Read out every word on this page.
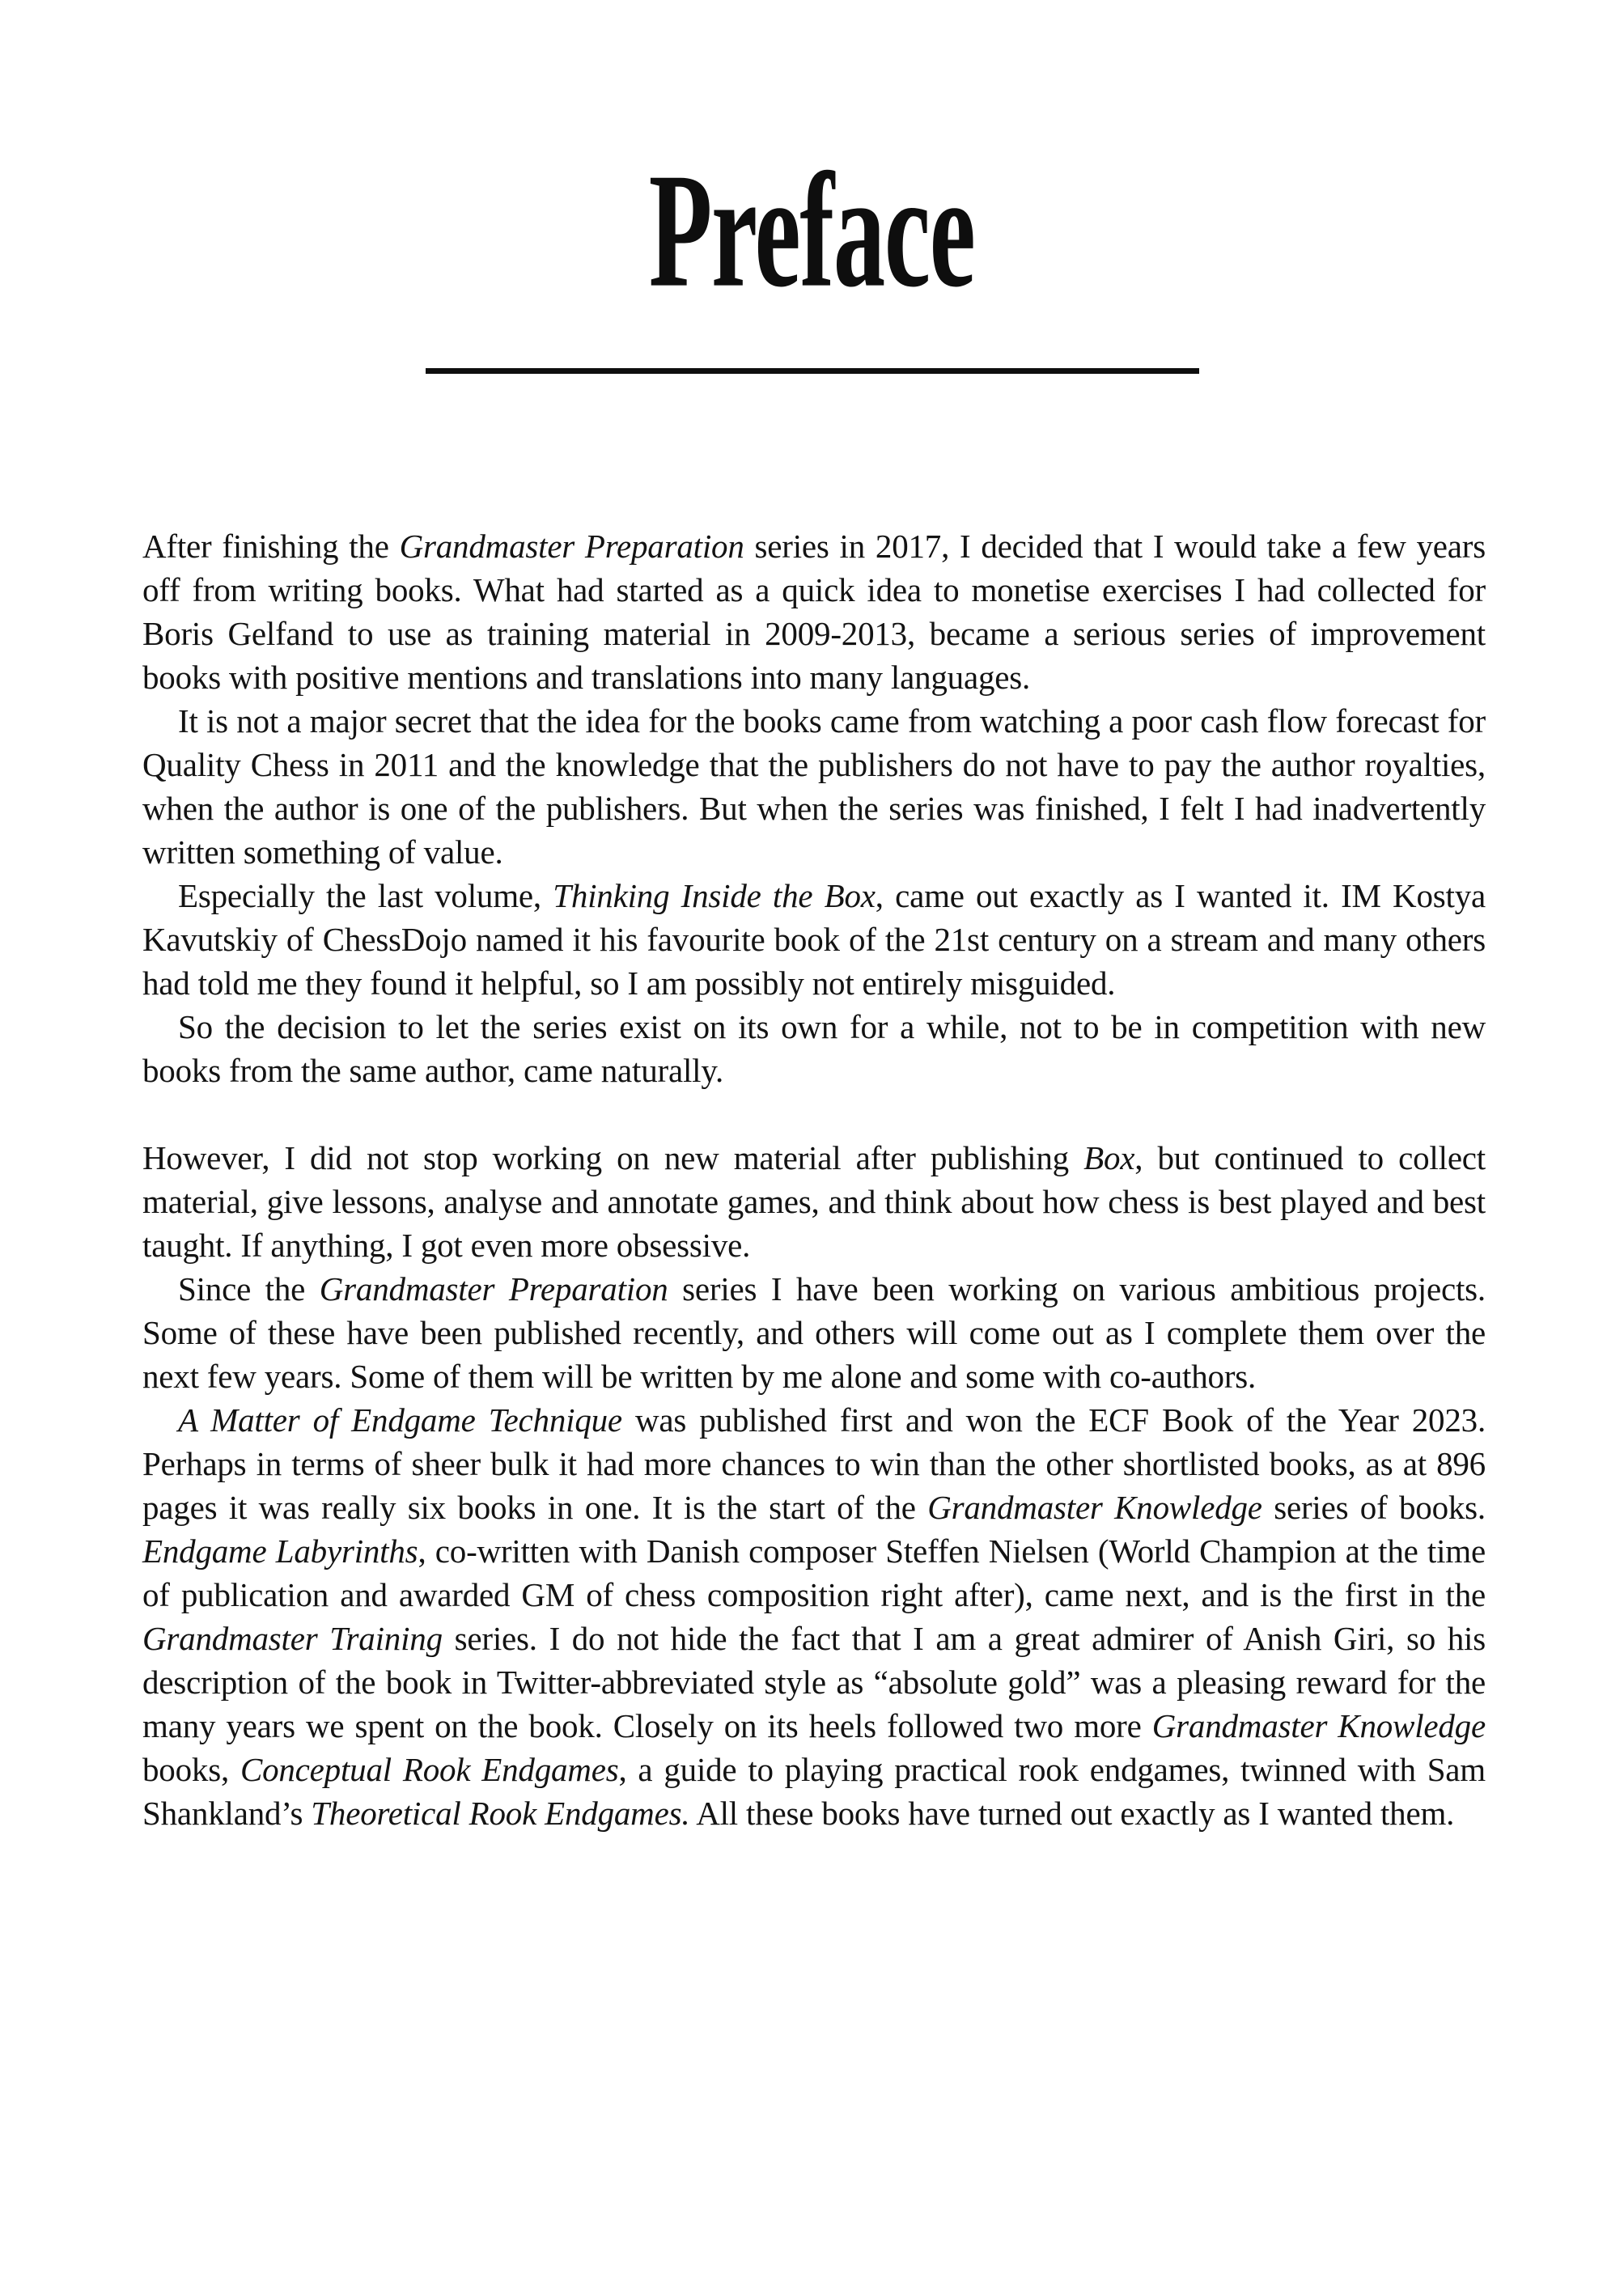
Preface

After finishing the Grandmaster Preparation series in 2017, I decided that I would take a few years off from writing books. What had started as a quick idea to monetise exercises I had collected for Boris Gelfand to use as training material in 2009-2013, became a serious series of improvement books with positive mentions and translations into many languages.

It is not a major secret that the idea for the books came from watching a poor cash flow forecast for Quality Chess in 2011 and the knowledge that the publishers do not have to pay the author royalties, when the author is one of the publishers. But when the series was finished, I felt I had inadvertently written something of value.

Especially the last volume, Thinking Inside the Box, came out exactly as I wanted it. IM Kostya Kavutskiy of ChessDojo named it his favourite book of the 21st century on a stream and many others had told me they found it helpful, so I am possibly not entirely misguided.

So the decision to let the series exist on its own for a while, not to be in competition with new books from the same author, came naturally.

However, I did not stop working on new material after publishing Box, but continued to collect material, give lessons, analyse and annotate games, and think about how chess is best played and best taught. If anything, I got even more obsessive.

Since the Grandmaster Preparation series I have been working on various ambitious projects. Some of these have been published recently, and others will come out as I complete them over the next few years. Some of them will be written by me alone and some with co-authors.

A Matter of Endgame Technique was published first and won the ECF Book of the Year 2023. Perhaps in terms of sheer bulk it had more chances to win than the other shortlisted books, as at 896 pages it was really six books in one. It is the start of the Grandmaster Knowledge series of books. Endgame Labyrinths, co-written with Danish composer Steffen Nielsen (World Champion at the time of publication and awarded GM of chess composition right after), came next, and is the first in the Grandmaster Training series. I do not hide the fact that I am a great admirer of Anish Giri, so his description of the book in Twitter-abbreviated style as “absolute gold” was a pleasing reward for the many years we spent on the book. Closely on its heels followed two more Grandmaster Knowledge books, Conceptual Rook Endgames, a guide to playing practical rook endgames, twinned with Sam Shankland’s Theoretical Rook Endgames. All these books have turned out exactly as I wanted them.
